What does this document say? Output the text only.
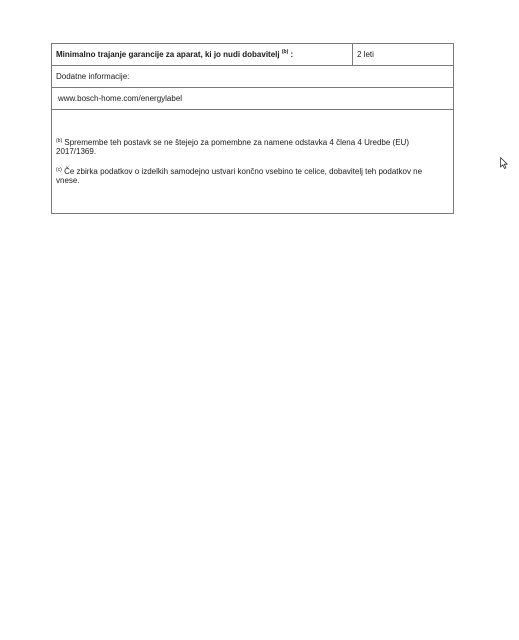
Minimalno trajanje garancije za aparat, ki jo nudi dobavitelj $^{(b)}$ :	2 leti
Dodatne informacije:
www.bosch-home.com/energylabel
$^{(b)}$ Spremembe teh postavk se ne štejejo za pomembne za namene odstavka 4 člena 4 Uredbe (EU) 2017/1369.
$^{(c)}$ Če zbirka podatkov o izdelkih samodejno ustvari končno vsebino te celice, dobavitelj teh podatkov ne vnese.
